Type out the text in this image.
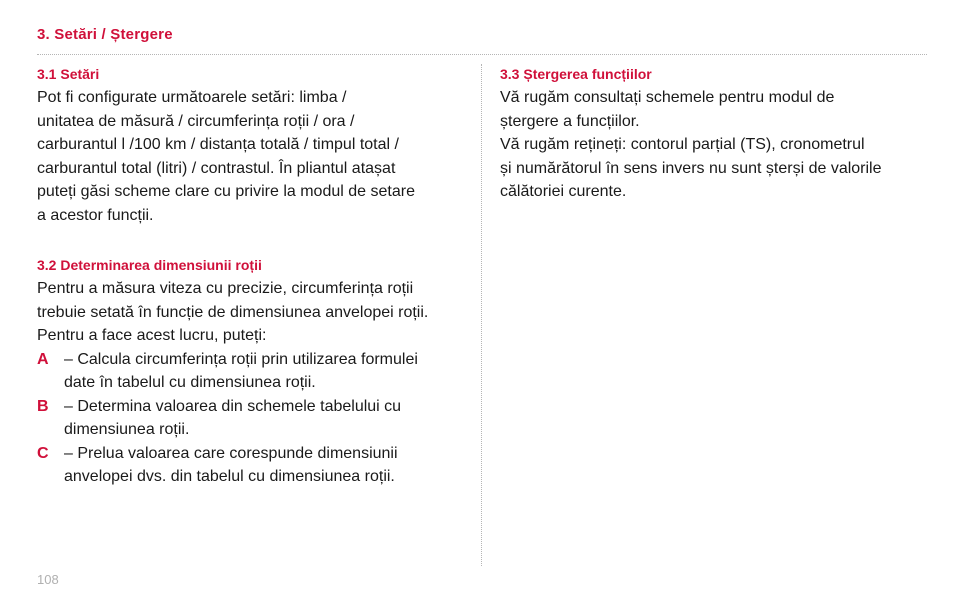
3. Setări / Ștergere
3.1 Setări

Pot fi configurate următoarele setări: limba /
unitatea de măsură / circumferința roții / ora /
carburantul l /100 km / distanța totală / timpul total /
carburantul total (litri) / contrastul. În pliantul atașat
puteți găsi scheme clare cu privire la modul de setare
a acestor funcții.

3.2 Determinarea dimensiunii roții

Pentru a măsura viteza cu precizie, circumferința roții
trebuie setată în funcție de dimensiunea anvelopei roții.
Pentru a face acest lucru, puteți:

A – Calcula circumferința roții prin utilizarea formulei
date în tabelul cu dimensiunea roții.
B – Determina valoarea din schemele tabelului cu
dimensiunea roții.
C – Prelua valoarea care corespunde dimensiunii
anvelopei dvs. din tabelul cu dimensiunea roții.
3.3 Ștergerea funcțiilor

Vă rugăm consultați schemele pentru modul de
ștergere a funcțiilor.
Vă rugăm rețineți: contorul parțial (TS), cronometrul
și numărătorul în sens invers nu sunt șterși de valorile
călătoriei curente.

108
